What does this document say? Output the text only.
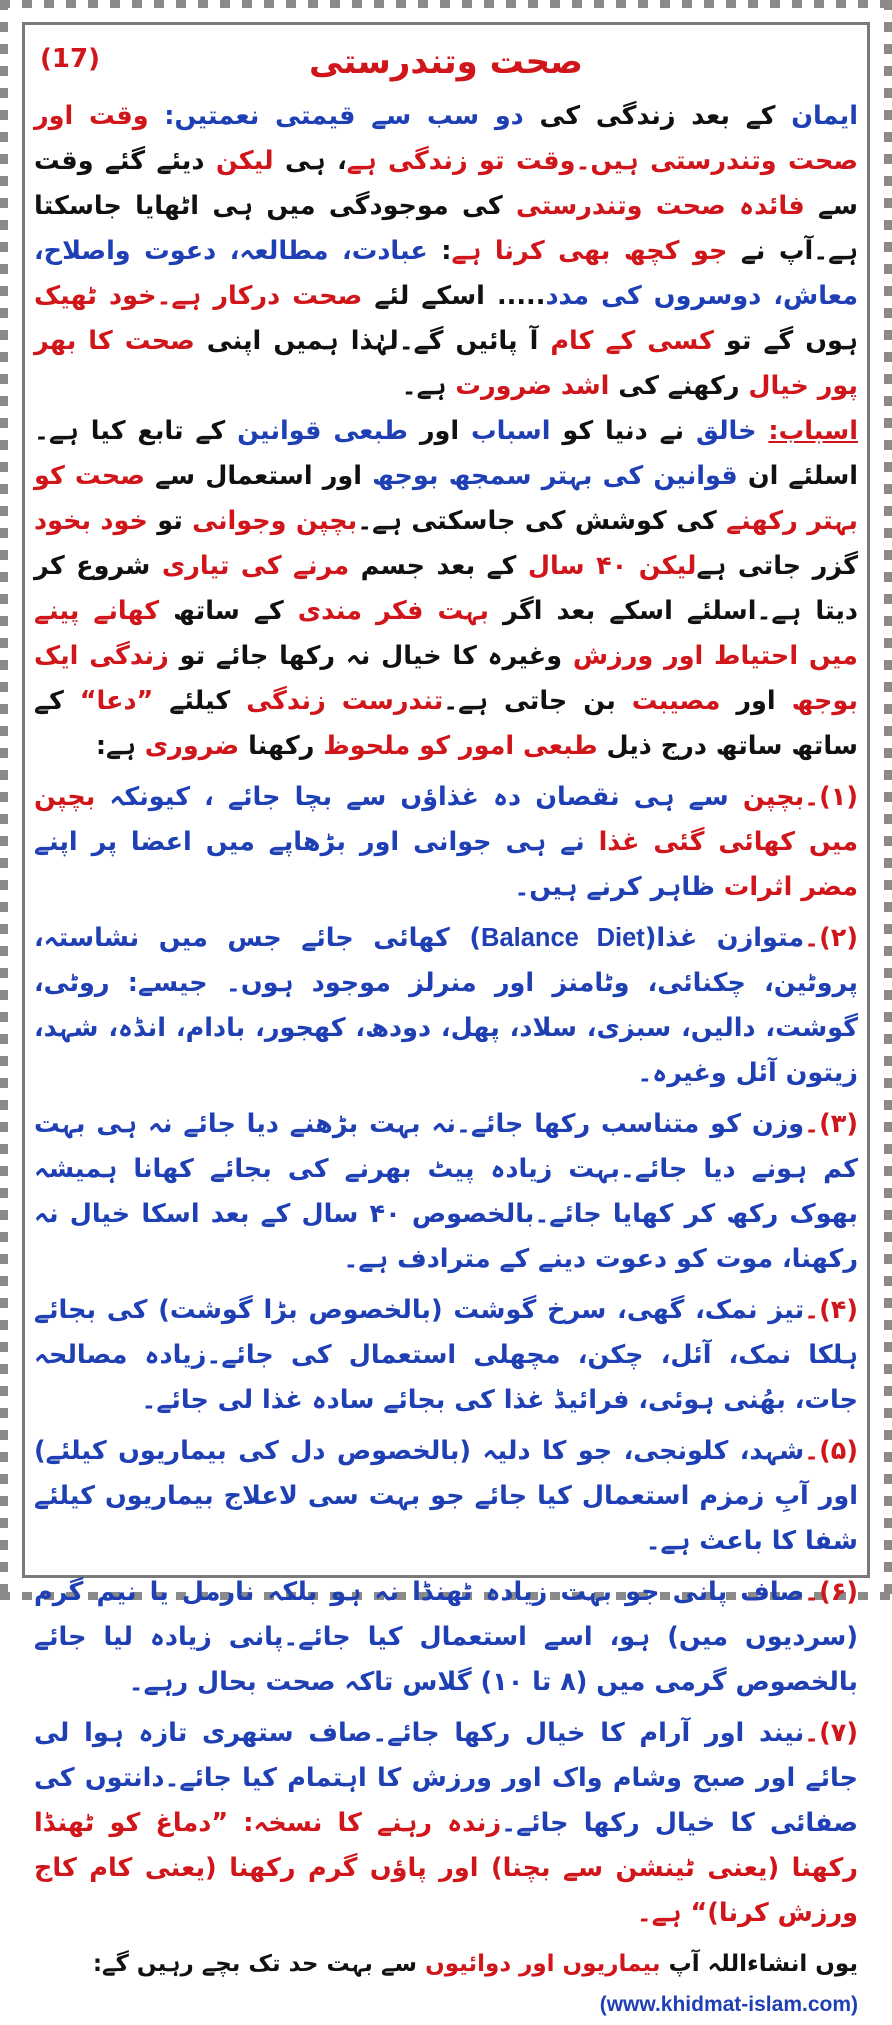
(17)	صحت وتندرستی

ایمان کے بعد زندگی کی دو سب سے قیمتی نعمتیں: وقت اور صحت وتندرستی ہیں۔وقت تو زندگی ہے، ہی لیکن دیئے گئے وقت سے فائدہ صحت وتندرستی کی موجودگی میں ہی اٹھایا جاسکتا ہے۔آپ نے جو کچھ بھی کرنا ہے: عبادت، مطالعہ، دعوت واصلاح، معاش، دوسروں کی مدد..... اسکے لئے صحت درکار ہے۔خود ٹھیک ہوں گے تو کسی کے کام آ پائیں گے۔لہٰذا ہمیں اپنی صحت کا بھر پور خیال رکھنے کی اشد ضرورت ہے۔

اسباب: خالق نے دنیا کو اسباب اور طبعی قوانین کے تابع کیا ہے۔اسلئے ان قوانین کی بہتر سمجھ بوجھ اور استعمال سے صحت کو بہتر رکھنے کی کوشش کی جاسکتی ہے۔بچپن وجوانی تو خود بخود گزر جاتی ہےلیکن ۴۰ سال کے بعد جسم مرنے کی تیاری شروع کر دیتا ہے۔اسلئے اسکے بعد اگر بہت فکر مندی کے ساتھ کھانے پینے میں احتیاط اور ورزش وغیرہ کا خیال نہ رکھا جائے تو زندگی ایک بوجھ اور مصیبت بن جاتی ہے۔تندرست زندگی کیلئے ”دعا“ کے ساتھ ساتھ درج ذیل طبعی امور کو ملحوظ رکھنا ضروری ہے:

(۱)۔بچپن سے ہی نقصان دہ غذاؤں سے بچا جائے ، کیونکہ بچپن میں کھائی گئی غذا نے ہی جوانی اور بڑھاپے میں اعضا پر اپنے مضر اثرات ظاہر کرنے ہیں۔

(۲)۔متوازن غذا(Balance Diet) کھائی جائے جس میں نشاستہ، پروٹین، چکنائی، وٹامنز اور منرلز موجود ہوں۔ جیسے: روٹی، گوشت، دالیں، سبزی، سلاد، پھل، دودھ، کھجور، بادام، انڈہ، شہد، زیتون آئل وغیرہ۔

(۳)۔وزن کو متناسب رکھا جائے۔نہ بہت بڑھنے دیا جائے نہ ہی بہت کم ہونے دیا جائے۔بہت زیادہ پیٹ بھرنے کی بجائے کھانا ہمیشہ بھوک رکھ کر کھایا جائے۔بالخصوص ۴۰ سال کے بعد اسکا خیال نہ رکھنا، موت کو دعوت دینے کے مترادف ہے۔

(۴)۔تیز نمک، گھی، سرخ گوشت (بالخصوص بڑا گوشت) کی بجائے ہلکا نمک، آئل، چکن، مچھلی استعمال کی جائے۔زیادہ مصالحہ جات، بھُنی ہوئی، فرائیڈ غذا کی بجائے سادہ غذا لی جائے۔

(۵)۔شہد، کلونجی، جو کا دلیہ (بالخصوص دل کی بیماریوں کیلئے) اور آبِ زمزم استعمال کیا جائے جو بہت سی لاعلاج بیماریوں کیلئے شفا کا باعث ہے۔

(۶)۔صاف پانی جو بہت زیادہ ٹھنڈا نہ ہو بلکہ نارمل یا نیم گرم (سردیوں میں) ہو، اسے استعمال کیا جائے۔پانی زیادہ لیا جائے بالخصوص گرمی میں (۸ تا ۱۰) گلاس تاکہ صحت بحال رہے۔

(۷)۔نیند اور آرام کا خیال رکھا جائے۔صاف ستھری تازہ ہوا لی جائے اور صبح وشام واک اور ورزش کا اہتمام کیا جائے۔دانتوں کی صفائی کا خیال رکھا جائے۔زندہ رہنے کا نسخہ: ”دماغ کو ٹھنڈا رکھنا (یعنی ٹینشن سے بچنا) اور پاؤں گرم رکھنا (یعنی کام کاج ورزش کرنا)“ ہے۔

یوں انشاءاللہ آپ بیماریوں اور دوائیوں سے بہت حد تک بچے رہیں گے: (www.khidmat-islam.com)
